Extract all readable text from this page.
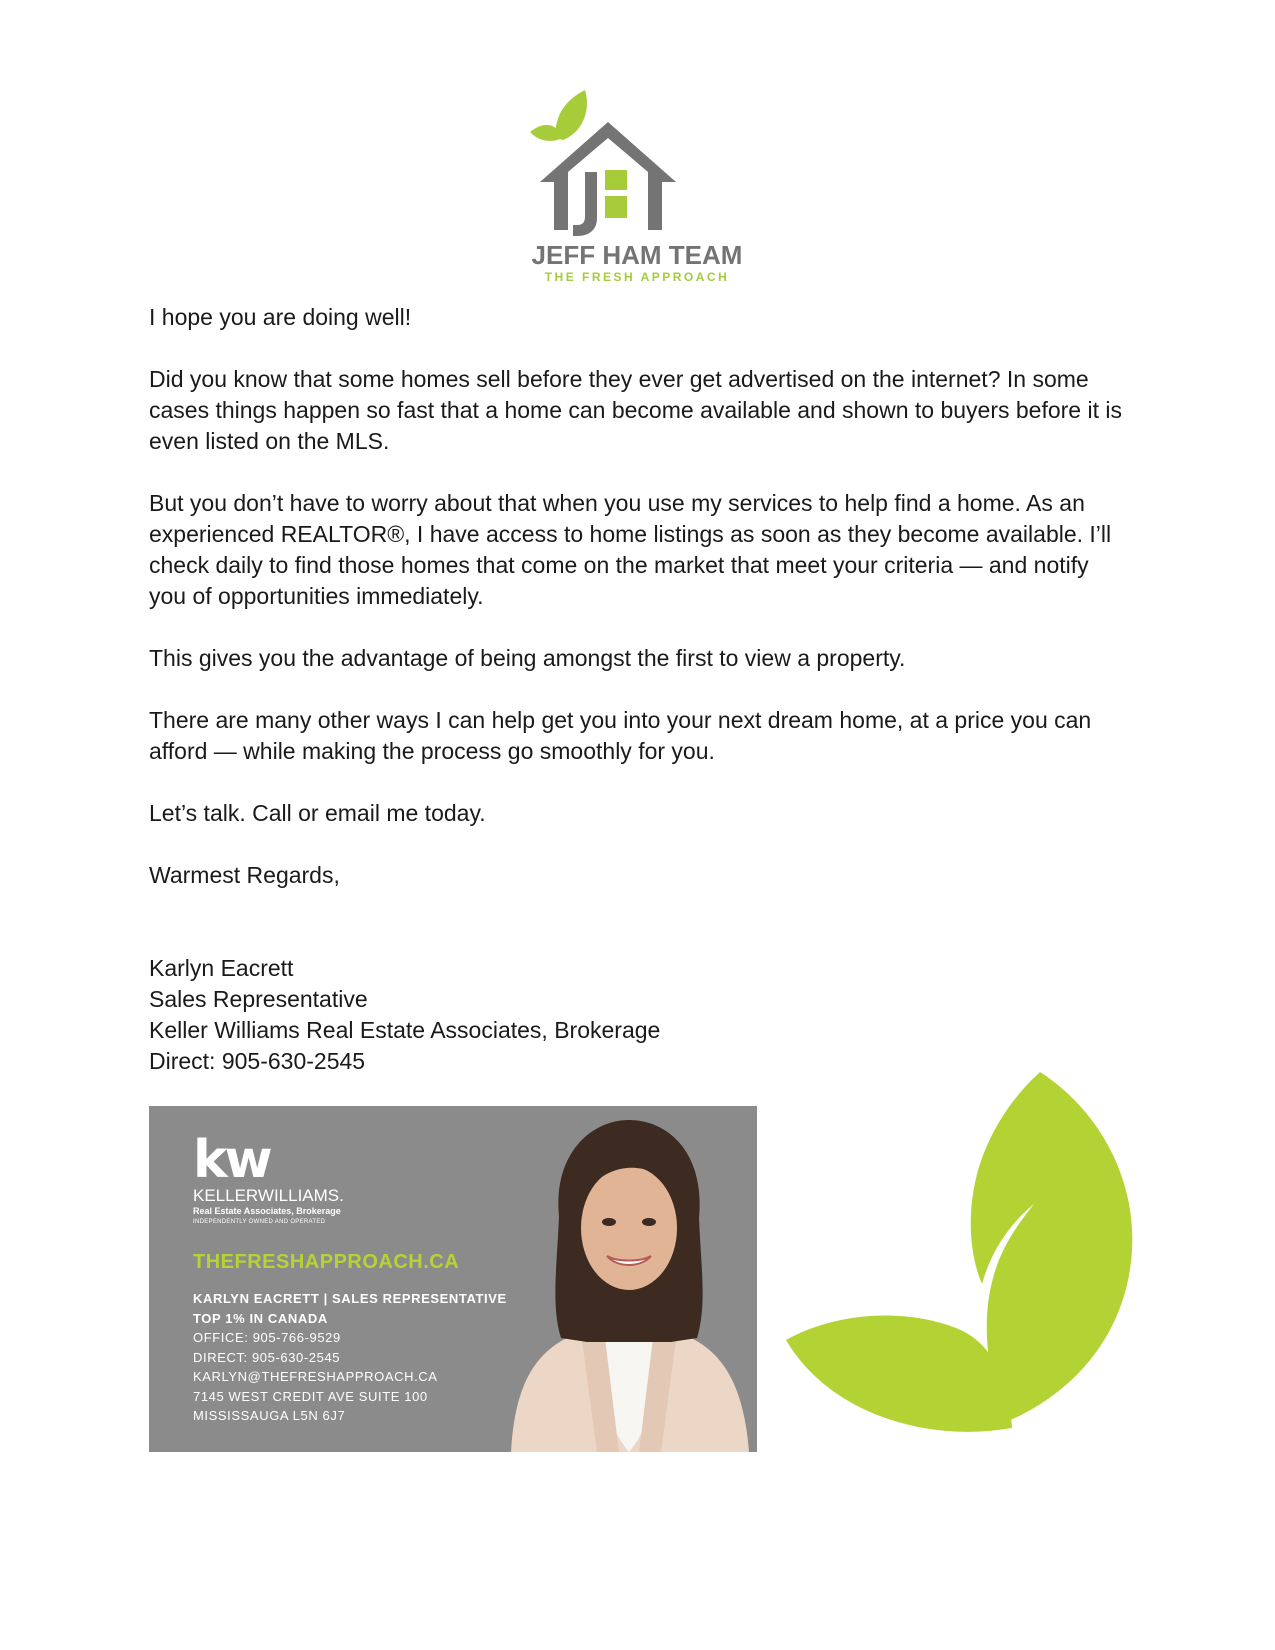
JEFF HAM TEAM
THE FRESH APPROACH

I hope you are doing well!

Did you know that some homes sell before they ever get advertised on the internet? In some cases things happen so fast that a home can become available and shown to buyers before it is even listed on the MLS.

But you don’t have to worry about that when you use my services to help find a home. As an experienced REALTOR®, I have access to home listings as soon as they become available. I’ll check daily to find those homes that come on the market that meet your criteria — and notify you of opportunities immediately.

This gives you the advantage of being amongst the first to view a property.

There are many other ways I can help get you into your next dream home, at a price you can afford — while making the process go smoothly for you.

Let’s talk. Call or email me today.

Warmest Regards,

Karlyn Eacrett
Sales Representative
Keller Williams Real Estate Associates, Brokerage
Direct: 905-630-2545
kw
KELLERWILLIAMS.
Real Estate Associates, Brokerage
INDEPENDENTLY OWNED AND OPERATED
THEFRESHAPPROACH.CA
KARLYN EACRETT | SALES REPRESENTATIVE
TOP 1% IN CANADA
OFFICE: 905-766-9529
DIRECT: 905-630-2545
KARLYN@THEFRESHAPPROACH.CA
7145 WEST CREDIT AVE SUITE 100
MISSISSAUGA L5N 6J7
